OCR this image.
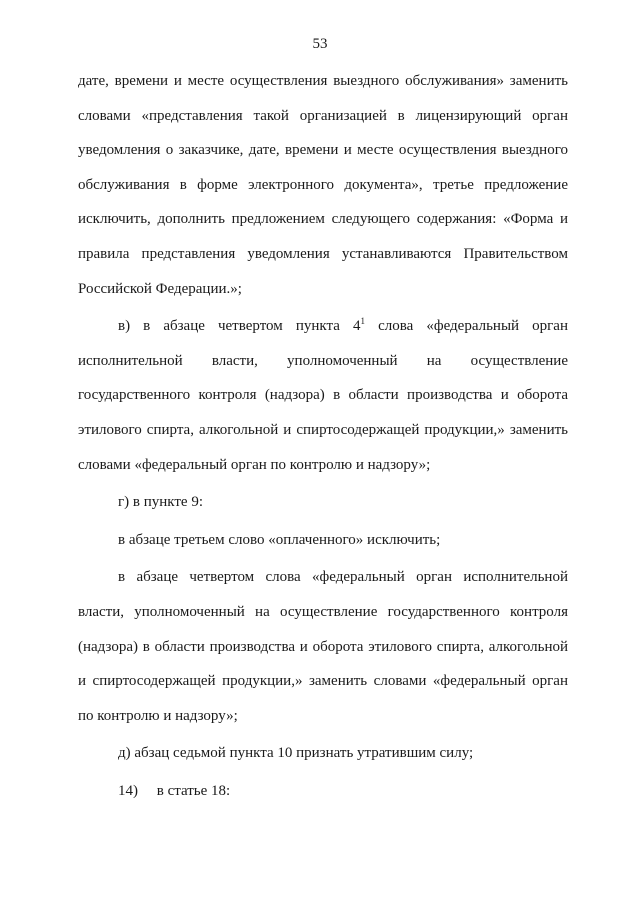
53
дате, времени и месте осуществления выездного обслуживания» заменить
словами «представления такой организацией в лицензирующий орган
уведомления о заказчике, дате, времени и месте осуществления выездного
обслуживания в форме электронного документа», третье предложение
исключить, дополнить предложением следующего содержания: «Форма и
правила представления уведомления устанавливаются Правительством
Российской Федерации.»;
в) в абзаце четвертом пункта $4^1$ слова «федеральный орган
исполнительной власти, уполномоченный на осуществление
государственного контроля (надзора) в области производства и оборота
этилового спирта, алкогольной и спиртосодержащей продукции,» заменить
словами «федеральный орган по контролю и надзору»;
г) в пункте 9:
в абзаце третьем слово «оплаченного» исключить;
в абзаце четвертом слова «федеральный орган исполнительной
власти, уполномоченный на осуществление государственного контроля
(надзора) в области производства и оборота этилового спирта, алкогольной
и спиртосодержащей продукции,» заменить словами «федеральный орган
по контролю и надзору»;
д) абзац седьмой пункта 10 признать утратившим силу;
14)     в статье 18:
